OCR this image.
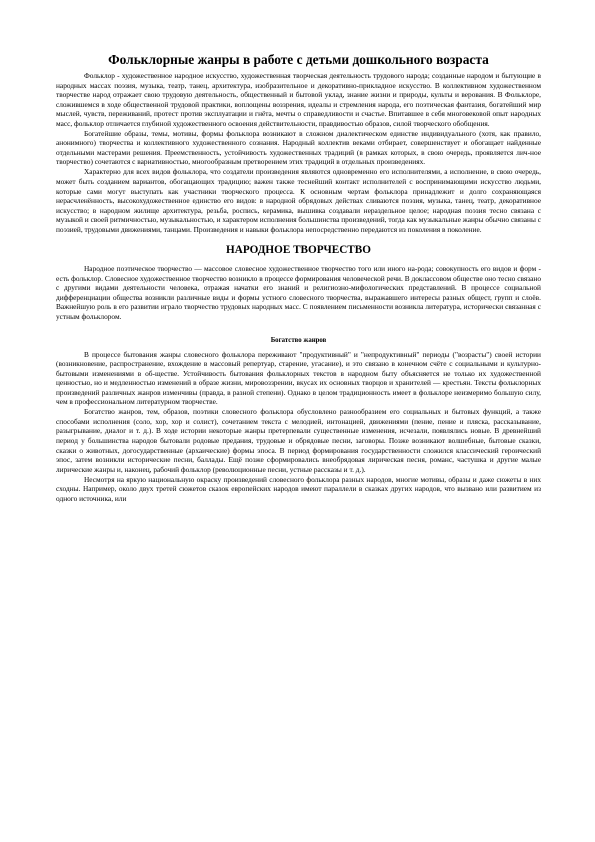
Фольклорные жанры в работе с детьми дошкольного возраста

Фольклор - художественное народное искусство, художественная творческая деятельность трудового народа; созданные народом и бытующие в народных массах поэзия, музыка, театр, танец, архитектура, изобразительное и декоративно-прикладное искусство. В коллективном художественном творчестве народ отражает свою трудовую деятельность, общественный и бытовой уклад, знание жизни и природы, культы и верования. В Фольклоре, сложившемся в ходе общественной трудовой практики, воплощены воззрения, идеалы и стремления народа, его поэтическая фантазия, богатейший мир мыслей, чувств, переживаний, протест против эксплуатации и гнёта, мечты о справедливости и счастье. Впитавшее в себя многовековой опыт народных масс, фольклор отличается глубиной художественного освоения действительности, правдивостью образов, силой творческого обобщения.

Богатейшие образы, темы, мотивы, формы фольклора возникают в сложном диалектическом единстве индивидуального (хотя, как правило, анонимного) творчества и коллективного художественного сознания. Народный коллектив веками отбирает, совершенствует и обогащает найденные отдельными мастерами решения. Преемственность, устойчивость художественных традиций (в рамках которых, в свою очередь, проявляется лич-ное творчество) сочетаются с вариативностью, многообразным претворением этих традиций в отдельных произведениях.

Характерно для всех видов фольклора, что создатели произведения являются одновременно его исполнителями, а исполнение, в свою очередь, может быть созданием вариантов, обогащающих традицию; важен также теснейший контакт исполнителей с воспринимающими искусство людьми, которые сами могут выступать как участники творческого процесса. К основным чертам фольклора принадлежит и долго сохраняющаяся нерасчленённость, высокохудожественное единство его видов: в народной обрядовых действах сливаются поэзия, музыка, танец, театр, декоративное искусство; в народном жилище архитектура, резьба, роспись, керамика, вышивка создавали нераздельное целое; народная поэзия тесно связана с музыкой и своей ритмичностью, музыкальностью, и характером исполнения большинства произведений, тогда как музыкальные жанры обычно связаны с поэзией, трудовыми движениями, танцами. Произведения и навыки фольклора непосредственно передаются из поколения в поколение.

НАРОДНОЕ ТВОРЧЕСТВО

Народное поэтическое творчество — массовое словесное художественное творчество того или иного на-рода; совокупность его видов и форм - есть фольклор. Словесное художественное творчество возникло в процессе формирования человеческой речи. В доклассовом обществе оно тесно связано с другими видами деятельности человека, отражая начатки его знаний и религиозно-мифологических представлений. В процессе социальной дифференциации общества возникли различные виды и формы устного словесного творчества, выражавшего интересы разных общест, групп и слоёв. Важнейшую роль в его развитии играло творчество трудовых народных масс. С появлением письменности возникла литература, исторически связанная с устным фольклором.

Богатство жанров

В процессе бытования жанры словесного фольклора переживают "продуктивный" и "непродуктивный" периоды ("возрасты") своей истории (возникновение, распространение, вхождение в массовый репертуар, старение, угасание), и это связано в конечном счёте с социальными и культурно-бытовыми изменениями в об-ществе. Устойчивость бытования фольклорных текстов в народном быту объясняется не только их художественной ценностью, но и медленностью изменений в образе жизни, мировоззрении, вкусах их основных творцов и хранителей — крестьян. Тексты фольклорных произведений различных жанров изменчивы (правда, в разной степени). Однако в целом традиционность имеет в фольклоре неизмеримо большую силу, чем в профессиональном литературном творчестве.

Богатство жанров, тем, образов, поэтики словесного фольклора обусловлено разнообразием его социальных и бытовых функций, а также способами исполнения (соло, хор, хор и солист), сочетанием текста с мелодией, интонацией, движениями (пение, пение и пляска, рассказывание, разыгрывание, диалог и т. д.). В ходе истории некоторые жанры претерпевали существенные изменения, исчезали, появлялись новые. В древнейший период у большинства народов бытовали родовые предания, трудовые и обрядовые песни, заговоры. Позже возникают волшебные, бытовые сказки, сказки о животных, догосударственные (архаические) формы эпоса. В период формирования государственности сложился классический героический эпос, затем возникли исторические песни, баллады. Ещё позже сформировались внеобрядовая лирическая песня, романс, частушка и другие малые лирические жанры и, наконец, рабочий фольклор (революционные песни, устные рассказы и т. д.).

Несмотря на яркую национальную окраску произведений словесного фольклора разных народов, многие мотивы, образы и даже сюжеты в них сходны. Например, около двух третей сюжетов сказок европейских народов имеют параллели в сказках других народов, что вызвано или развитием из одного источника, или
